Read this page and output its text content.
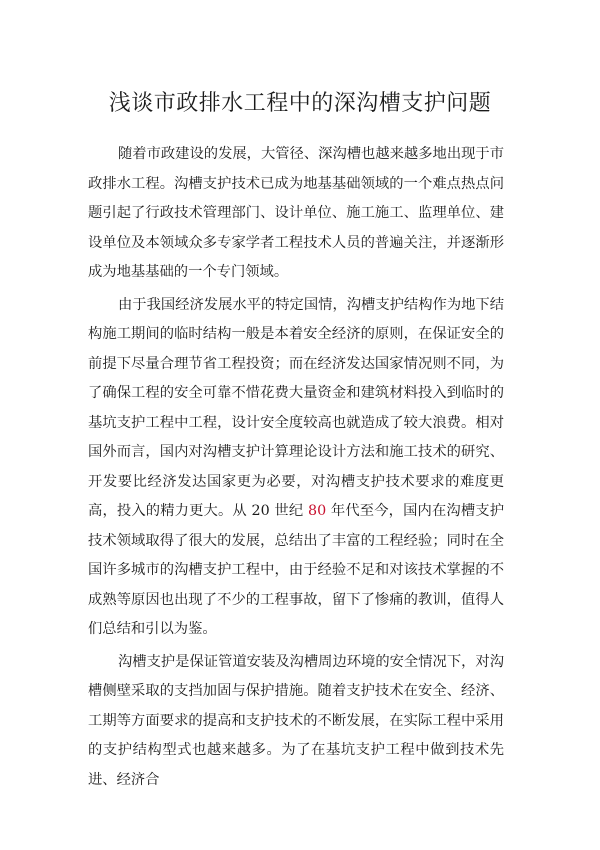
浅谈市政排水工程中的深沟槽支护问题

随着市政建设的发展，大管径、深沟槽也越来越多地出现于市政排水工程。沟槽支护技术已成为地基基础领域的一个难点热点问题引起了行政技术管理部门、设计单位、施工施工、监理单位、建设单位及本领域众多专家学者工程技术人员的普遍关注，并逐渐形成为地基基础的一个专门领域。

由于我国经济发展水平的特定国情，沟槽支护结构作为地下结构施工期间的临时结构一般是本着安全经济的原则，在保证安全的前提下尽量合理节省工程投资；而在经济发达国家情况则不同，为了确保工程的安全可靠不惜花费大量资金和建筑材料投入到临时的基坑支护工程中工程，设计安全度较高也就造成了较大浪费。相对国外而言，国内对沟槽支护计算理论设计方法和施工技术的研究、开发要比经济发达国家更为必要，对沟槽支护技术要求的难度更高，投入的精力更大。从 20 世纪 80 年代至今，国内在沟槽支护技术领域取得了很大的发展，总结出了丰富的工程经验；同时在全国许多城市的沟槽支护工程中，由于经验不足和对该技术掌握的不成熟等原因也出现了不少的工程事故，留下了惨痛的教训，值得人们总结和引以为鉴。

沟槽支护是保证管道安装及沟槽周边环境的安全情况下，对沟槽侧壁采取的支挡加固与保护措施。随着支护技术在安全、经济、工期等方面要求的提高和支护技术的不断发展，在实际工程中采用的支护结构型式也越来越多。为了在基坑支护工程中做到技术先进、经济合
